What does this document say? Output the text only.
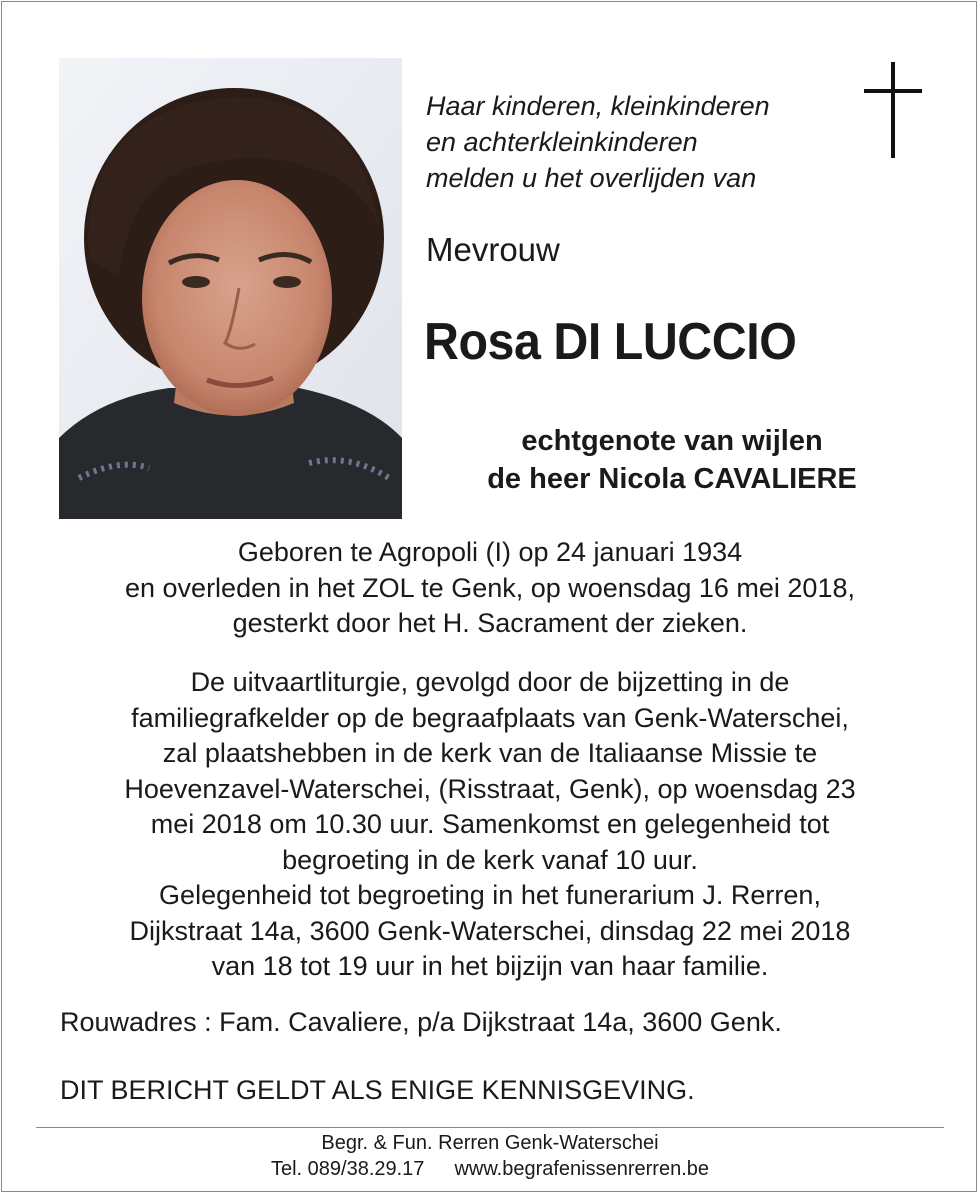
Haar kinderen, kleinkinderen
en achterkleinkinderen
melden u het overlijden van

Mevrouw
Rosa DI LUCCIO
echtgenote van wijlen
de heer Nicola CAVALIERE
Geboren te Agropoli (I) op 24 januari 1934
en overleden in het ZOL te Genk, op woensdag 16 mei 2018,
gesterkt door het H. Sacrament der zieken.
De uitvaartliturgie, gevolgd door de bijzetting in de
familiegrafkelder op de begraafplaats van Genk-Waterschei,
zal plaatshebben in de kerk van de Italiaanse Missie te
Hoevenzavel-Waterschei, (Risstraat, Genk), op woensdag 23
mei 2018 om 10.30 uur. Samenkomst en gelegenheid tot
begroeting in de kerk vanaf 10 uur.
Gelegenheid tot begroeting in het funerarium J. Rerren,
Dijkstraat 14a, 3600 Genk-Waterschei, dinsdag 22 mei 2018
van 18 tot 19 uur in het bijzijn van haar familie.
Rouwadres : Fam. Cavaliere, p/a Dijkstraat 14a, 3600 Genk.
DIT BERICHT GELDT ALS ENIGE KENNISGEVING.
Begr. & Fun. Rerren Genk-Waterschei
Tel. 089/38.29.17 www.begrafenissenrerren.be
